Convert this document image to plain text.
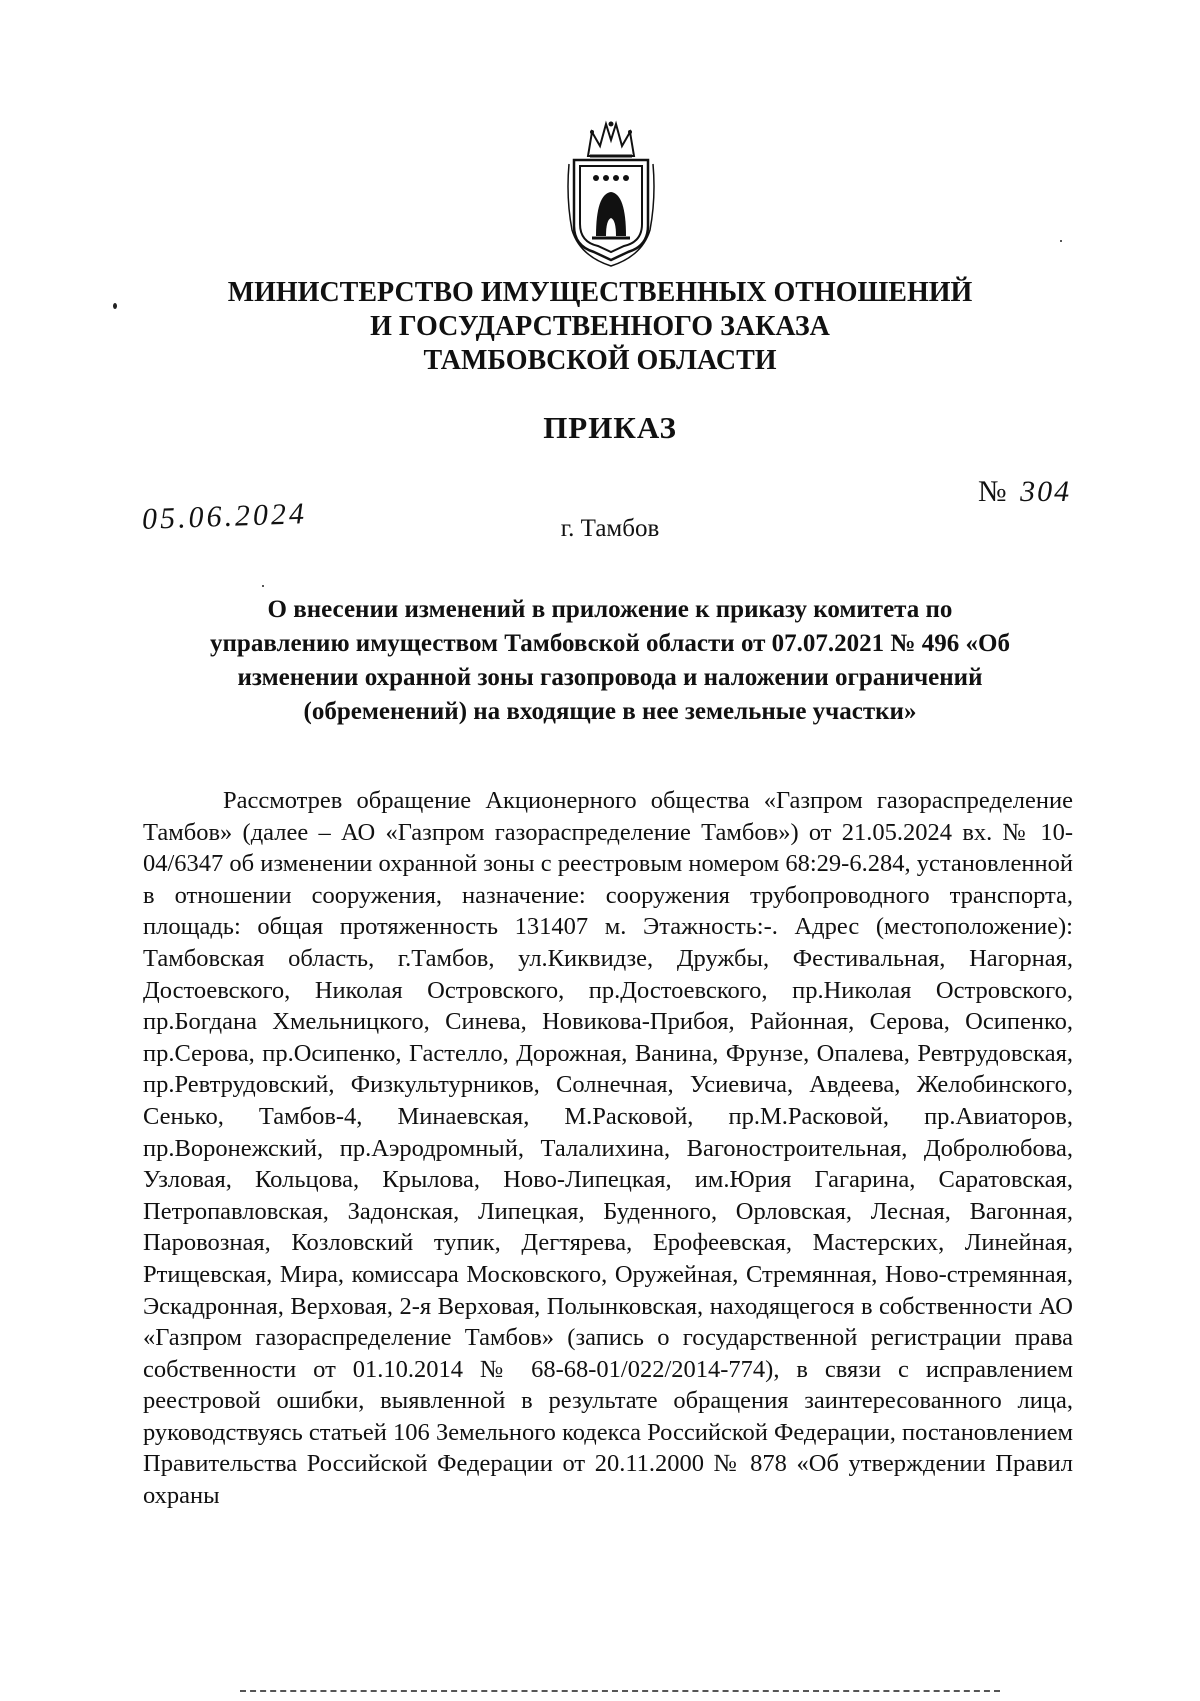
МИНИСТЕРСТВО ИМУЩЕСТВЕННЫХ ОТНОШЕНИЙ
И ГОСУДАРСТВЕННОГО ЗАКАЗА
ТАМБОВСКОЙ ОБЛАСТИ
ПРИКАЗ
05.06.2024
№ 304
г. Тамбов
О внесении изменений в приложение к приказу комитета по
управлению имуществом Тамбовской области от 07.07.2021 № 496 «Об
изменении охранной зоны газопровода и наложении ограничений
(обременений) на входящие в нее земельные участки»

Рассмотрев обращение Акционерного общества «Газпром газораспределение Тамбов» (далее – АО «Газпром газораспределение Тамбов») от 21.05.2024 вх. № 10-04/6347 об изменении охранной зоны с реестровым номером 68:29-6.284, установленной в отношении сооружения, назначение: сооружения трубопроводного транспорта, площадь: общая протяженность 131407 м. Этажность:-. Адрес (местоположение): Тамбовская область, г.Тамбов, ул.Киквидзе, Дружбы, Фестивальная, Нагорная, Достоевского, Николая Островского, пр.Достоевского, пр.Николая Островского, пр.Богдана Хмельницкого, Синева, Новикова-Прибоя, Районная, Серова, Осипенко, пр.Серова, пр.Осипенко, Гастелло, Дорожная, Ванина, Фрунзе, Опалева, Ревтрудовская, пр.Ревтрудовский, Физкультурников, Солнечная, Усиевича, Авдеева, Желобинского, Сенько, Тамбов-4, Минаевская, М.Расковой, пр.М.Расковой, пр.Авиаторов, пр.Воронежский, пр.Аэродромный, Талалихина, Вагоностроительная, Добролюбова, Узловая, Кольцова, Крылова, Ново-Липецкая, им.Юрия Гагарина, Саратовская, Петропавловская, Задонская, Липецкая, Буденного, Орловская, Лесная, Вагонная, Паровозная, Козловский тупик, Дегтярева, Ерофеевская, Мастерских, Линейная, Ртищевская, Мира, комиссара Московского, Оружейная, Стремянная, Ново-стремянная, Эскадронная, Верховая, 2-я Верховая, Полынковская, находящегося в собственности АО «Газпром газораспределение Тамбов» (запись о государственной регистрации права собственности от 01.10.2014 № 68-68-01/022/2014-774), в связи с исправлением реестровой ошибки, выявленной в результате обращения заинтересованного лица, руководствуясь статьей 106 Земельного кодекса Российской Федерации, постановлением Правительства Российской Федерации от 20.11.2000 № 878 «Об утверждении Правил охраны
